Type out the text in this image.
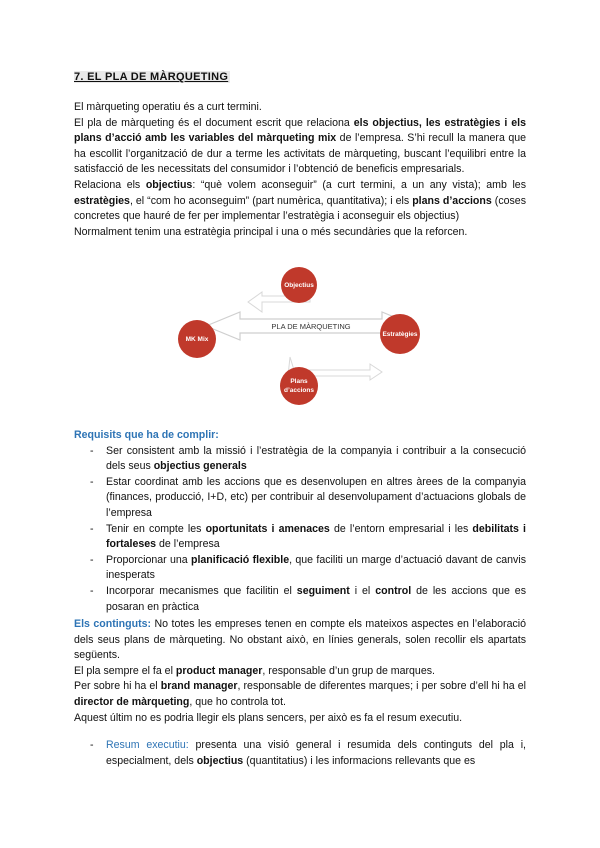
7. EL PLA DE MÀRQUETING

El màrqueting operatiu és a curt termini.

El pla de màrqueting és el document escrit que relaciona els objectius, les estratègies i els plans d’acció amb les variables del màrqueting mix de l’empresa. S’hi recull la manera que ha escollit l’organització de dur a terme les activitats de màrqueting, buscant l’equilibri entre la satisfacció de les necessitats del consumidor i l’obtenció de beneficis empresarials.

Relaciona els objectius: “què volem aconseguir” (a curt termini, a un any vista); amb les estratègies, el “com ho aconseguim” (part numèrica, quantitativa); i els plans d’accions (coses concretes que hauré de fer per implementar l’estratègia i aconseguir els objectius)

Normalment tenim una estratègia principal i una o més secundàries que la reforcen.

PLA DE MÀRQUETING
Objectius
MK Mix
Estratègies
Plans
d’accions

Requisits que ha de complir:

- Ser consistent amb la missió i l’estratègia de la companyia i contribuir a la consecució dels seus objectius generals
- Estar coordinat amb les accions que es desenvolupen en altres àrees de la companyia (finances, producció, I+D, etc) per contribuir al desenvolupament d’actuacions globals de l’empresa
- Tenir en compte les oportunitats i amenaces de l’entorn empresarial i les debilitats i fortaleses de l’empresa
- Proporcionar una planificació flexible, que faciliti un marge d’actuació davant de canvis inesperats
- Incorporar mecanismes que facilitin el seguiment i el control de les accions que es posaran en pràctica

Els continguts: No totes les empreses tenen en compte els mateixos aspectes en l’elaboració dels seus plans de màrqueting. No obstant això, en línies generals, solen recollir els apartats següents.

El pla sempre el fa el product manager, responsable d’un grup de marques.

Per sobre hi ha el brand manager, responsable de diferentes marques; i per sobre d’ell hi ha el director de màrqueting, que ho controla tot.

Aquest últim no es podria llegir els plans sencers, per això es fa el resum executiu.

- Resum executiu: presenta una visió general i resumida dels continguts del pla i, especialment, dels objectius (quantitatius) i les informacions rellevants que es
